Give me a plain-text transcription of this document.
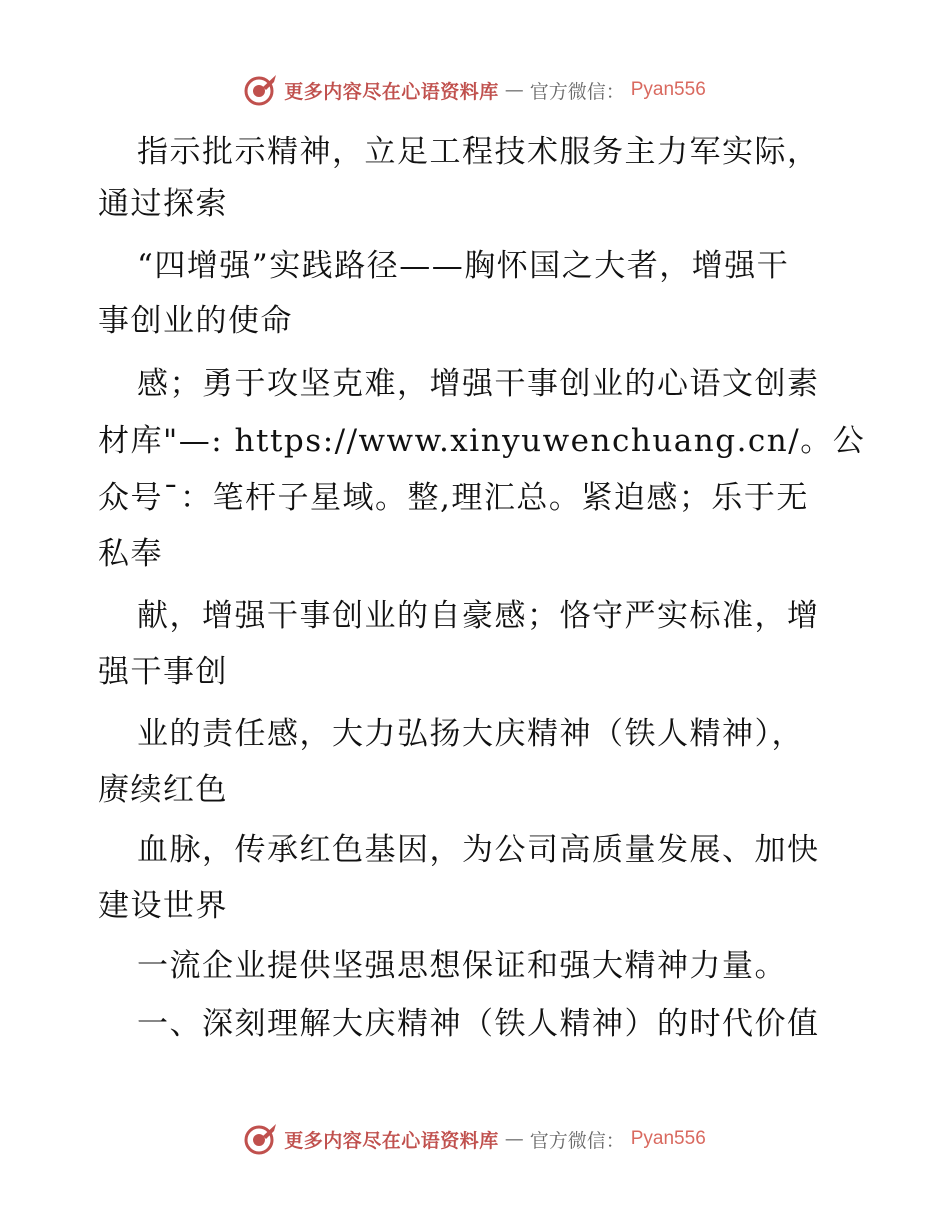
更多内容尽在心语资料库 — 官方微信： Pyan556
指示批示精神，立足工程技术服务主力军实际，
通过探索
“四增强”实践路径——胸怀国之大者，增强干
事创业的使命
感；勇于攻坚克难，增强干事创业的心语文创素
材库"—: https://www.xinyuwenchuang.cn/。公
众号¯：笔杆子星域。整,理汇总。紧迫感；乐于无
私奉
献，增强干事创业的自豪感；恪守严实标准，增
强干事创
业的责任感，大力弘扬大庆精神（铁人精神），
赓续红色
血脉，传承红色基因，为公司高质量发展、加快
建设世界
一流企业提供坚强思想保证和强大精神力量。
一、深刻理解大庆精神（铁人精神）的时代价值
更多内容尽在心语资料库 — 官方微信： Pyan556
